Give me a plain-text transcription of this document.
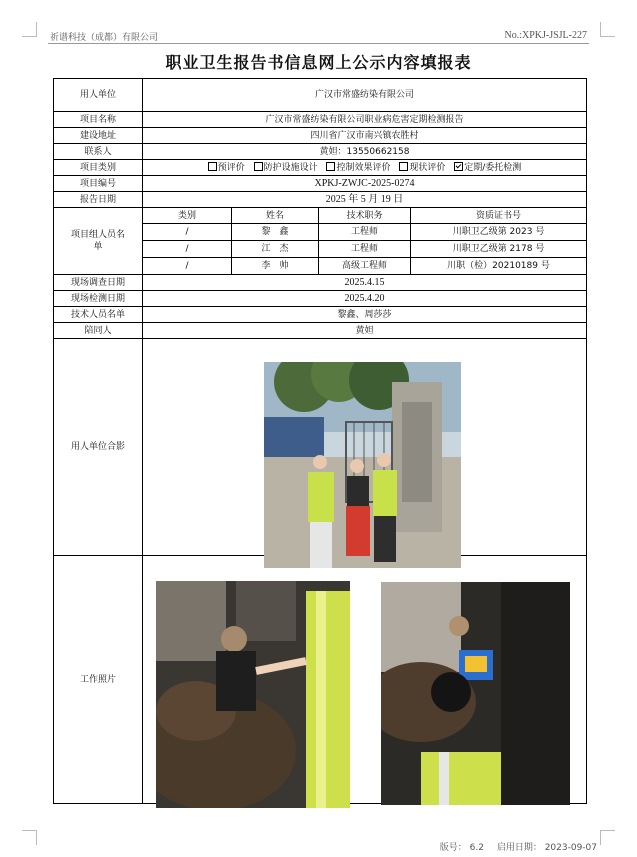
祈谱科技（成都）有限公司	No.:XPKJ-JSJL-227
职业卫生报告书信息网上公示内容填报表
用人单位	广汉市常盛纺染有限公司			
项目名称	广汉市常盛纺染有限公司职业病危害定期检测报告			
建设地址	四川省广汉市南兴镇农胜村			
联系人	黄妲：13550662158			
项目类别	预评价 防护设施设计 控制效果评价 现状评价 定期/委托检测			
项目编号	XPKJ-ZWJC-2025-0274			
报告日期	2025 年 5 月 19 日			
项目组人员名单	类别	姓名	技术职务	资质证书号
	/	黎　鑫	工程师	川职卫乙级第 2023 号
	/	江　杰	工程师	川职卫乙级第 2178 号
	/	李　帅	高级工程师	川职（检）20210189 号
现场调查日期	2025.4.15			
现场检测日期	2025.4.20			
技术人员名单	黎鑫、周莎莎			
陪同人	黄妲			
用人单位合影				
工作照片				
版号： 6.2 启用日期： 2023-09-07
